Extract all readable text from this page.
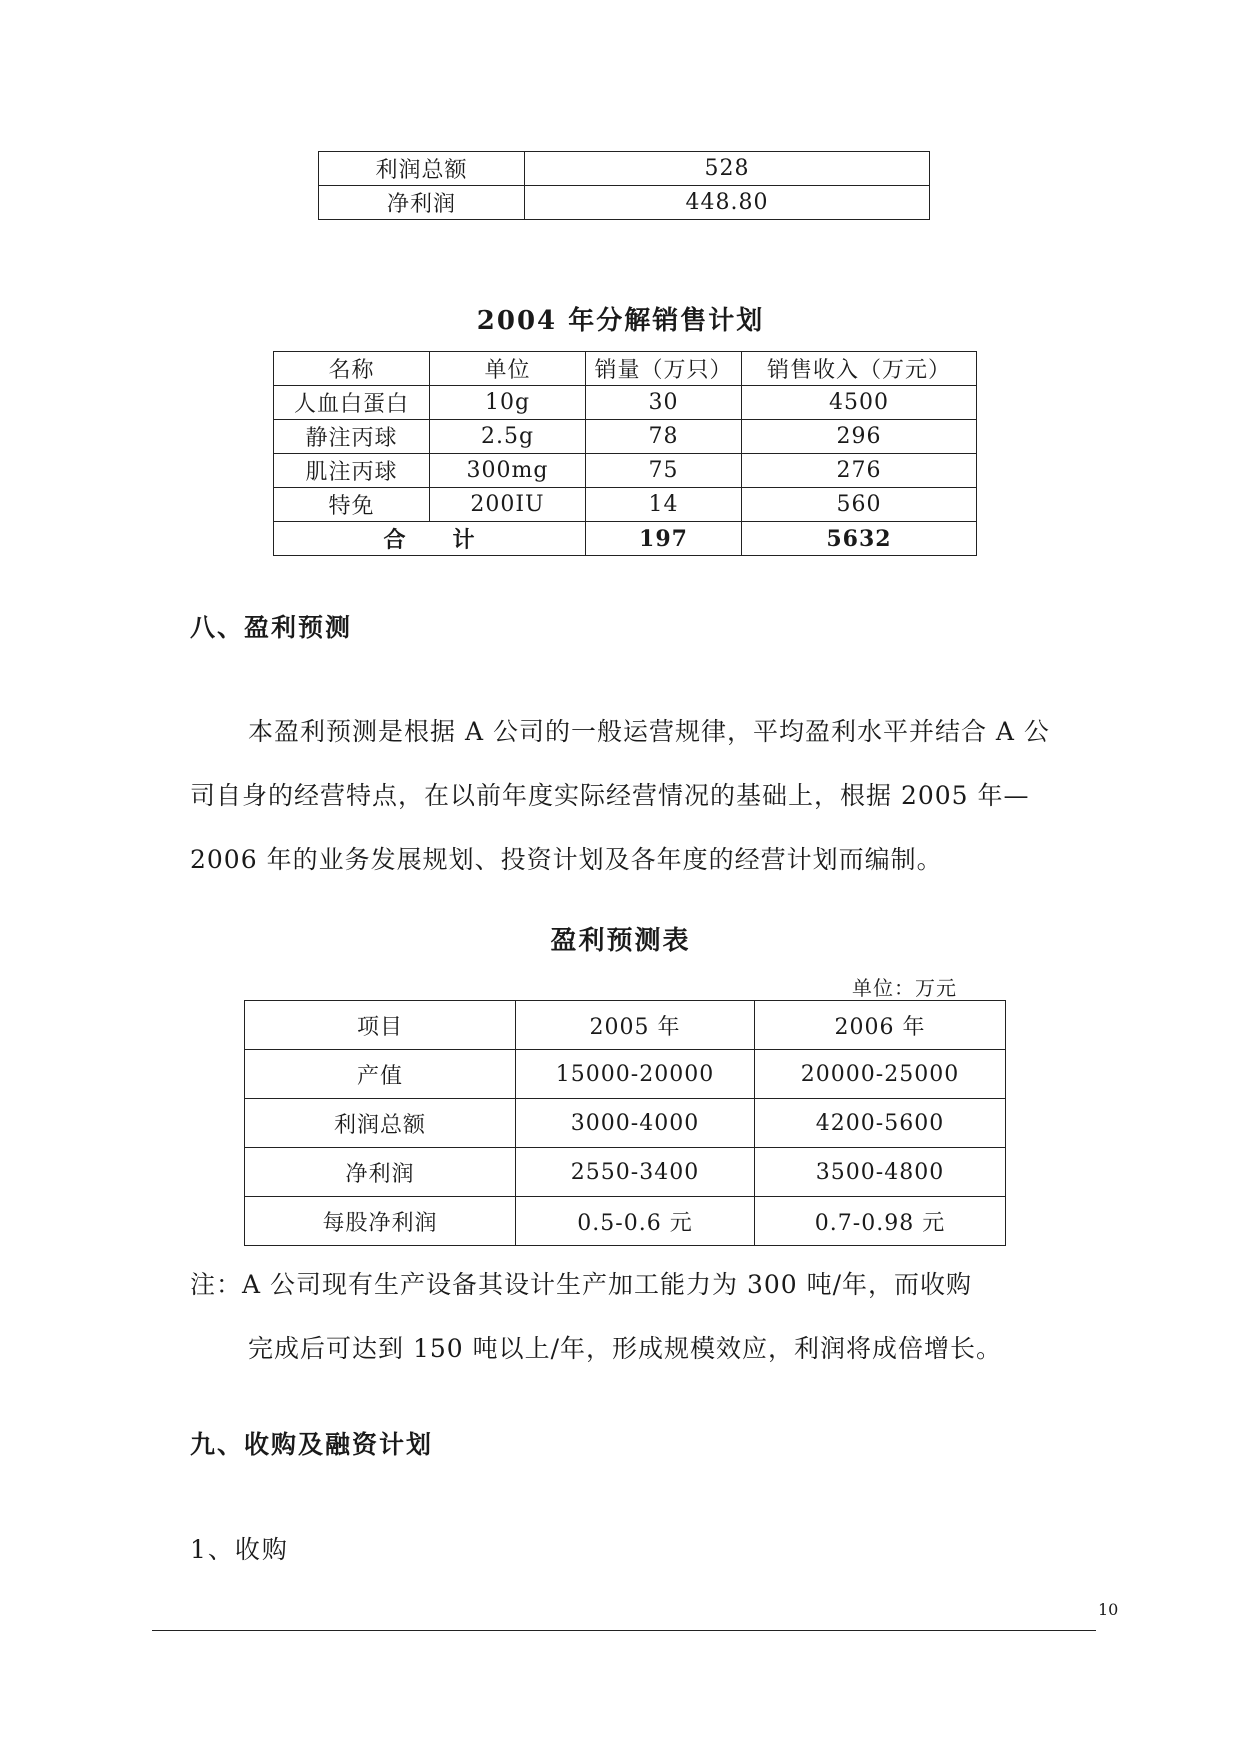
利润总额	528
净利润	448.80
2004 年分解销售计划
名称	单位	销量（万只）	销售收入（万元）
人血白蛋白	10g	30	4500
静注丙球	2.5g	78	296
肌注丙球	300mg	75	276
特免	200IU	14	560
合　　计		197	5632
八、盈利预测

本盈利预测是根据 A 公司的一般运营规律，平均盈利水平并结合 A 公司自身的经营特点，在以前年度实际经营情况的基础上，根据 2005 年—2006 年的业务发展规划、投资计划及各年度的经营计划而编制。

盈利预测表
单位：万元
项目	2005 年	2006 年
产值	15000-20000	20000-25000
利润总额	3000-4000	4200-5600
净利润	2550-3400	3500-4800
每股净利润	0.5-0.6 元	0.7-0.98 元
注：A 公司现有生产设备其设计生产加工能力为 300 吨/年，而收购
完成后可达到 150 吨以上/年，形成规模效应，利润将成倍增长。
九、收购及融资计划
1、收购
10
